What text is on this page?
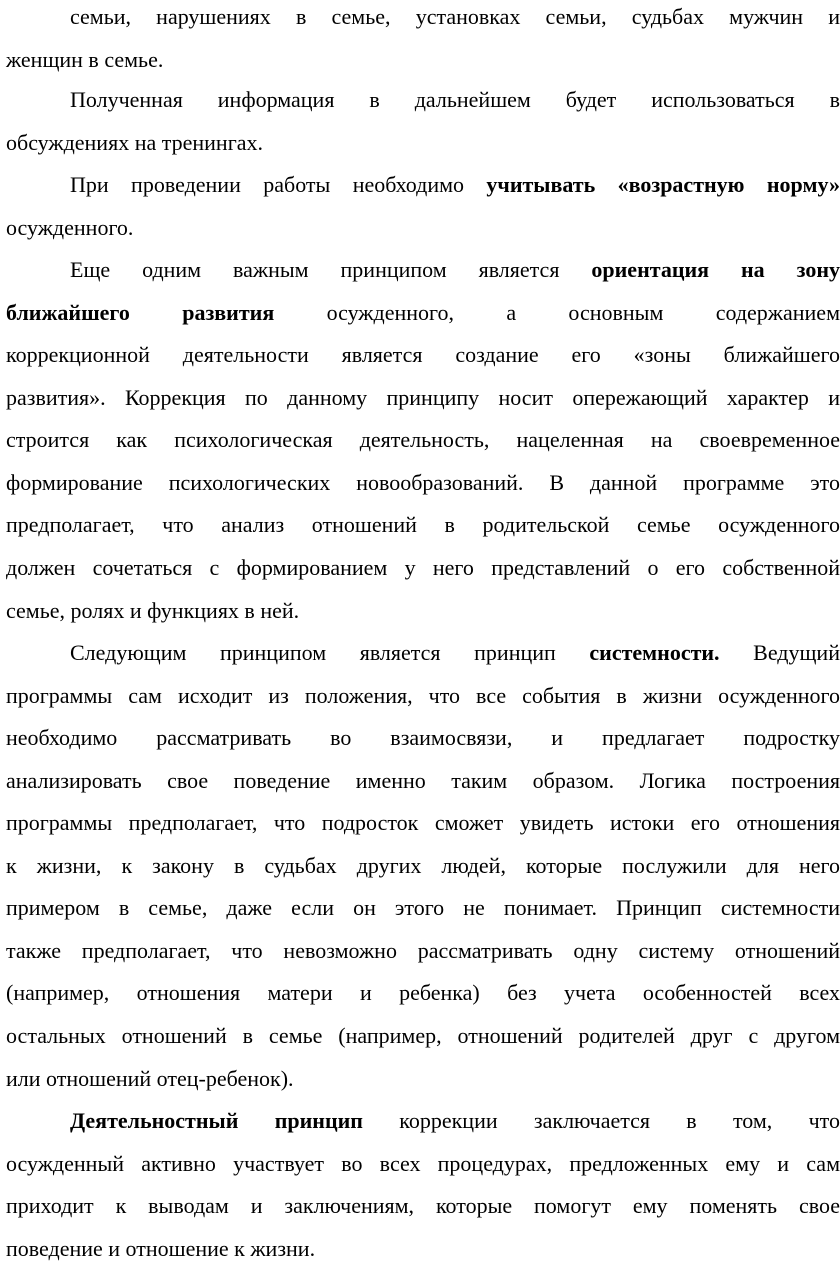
семьи, нарушениях в семье, установках семьи, судьбах мужчин и
женщин в семье.
Полученная информация в дальнейшем будет использоваться в
обсуждениях на тренингах.
При проведении работы необходимо учитывать «возрастную норму»
осужденного.
Еще одним важным принципом является ориентация на зону
ближайшего развития осужденного, а основным содержанием
коррекционной деятельности является создание его «зоны ближайшего
развития». Коррекция по данному принципу носит опережающий характер и
строится как психологическая деятельность, нацеленная на своевременное
формирование психологических новообразований. В данной программе это
предполагает, что анализ отношений в родительской семье осужденного
должен сочетаться с формированием у него представлений о его собственной
семье, ролях и функциях в ней.
Следующим принципом является принцип системности. Ведущий
программы сам исходит из положения, что все события в жизни осужденного
необходимо рассматривать во взаимосвязи, и предлагает подростку
анализировать свое поведение именно таким образом. Логика построения
программы предполагает, что подросток сможет увидеть истоки его отношения
к жизни, к закону в судьбах других людей, которые послужили для него
примером в семье, даже если он этого не понимает. Принцип системности
также предполагает, что невозможно рассматривать одну систему отношений
(например, отношения матери и ребенка) без учета особенностей всех
остальных отношений в семье (например, отношений родителей друг с другом
или отношений отец-ребенок).
Деятельностный принцип коррекции заключается в том, что
осужденный активно участвует во всех процедурах, предложенных ему и сам
приходит к выводам и заключениям, которые помогут ему поменять свое
поведение и отношение к жизни.
